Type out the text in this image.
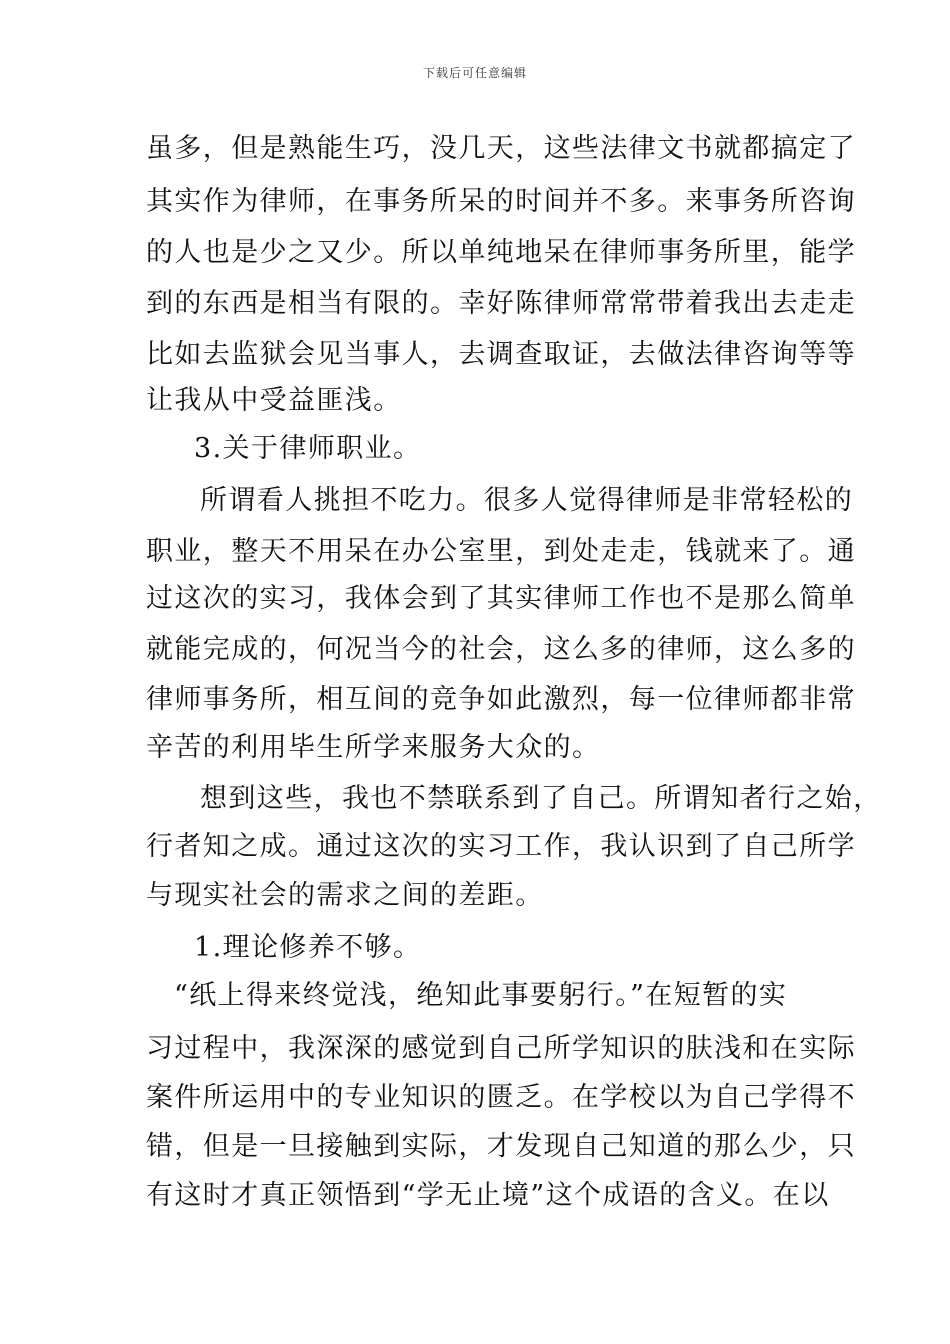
下载后可任意编辑
虽多，但是熟能生巧，没几天，这些法律文书就都搞定了
其实作为律师，在事务所呆的时间并不多。来事务所咨询
的人也是少之又少。所以单纯地呆在律师事务所里，能学
到的东西是相当有限的。幸好陈律师常常带着我出去走走
比如去监狱会见当事人，去调查取证，去做法律咨询等等
让我从中受益匪浅。
3.关于律师职业。
所谓看人挑担不吃力。很多人觉得律师是非常轻松的
职业，整天不用呆在办公室里，到处走走，钱就来了。通
过这次的实习，我体会到了其实律师工作也不是那么简单
就能完成的，何况当今的社会，这么多的律师，这么多的
律师事务所，相互间的竞争如此激烈，每一位律师都非常
辛苦的利用毕生所学来服务大众的。
想到这些，我也不禁联系到了自己。所谓知者行之始，
行者知之成。通过这次的实习工作，我认识到了自己所学
与现实社会的需求之间的差距。
1.理论修养不够。
“纸上得来终觉浅，绝知此事要躬行。”在短暂的实
习过程中，我深深的感觉到自己所学知识的肤浅和在实际
案件所运用中的专业知识的匮乏。在学校以为自己学得不
错，但是一旦接触到实际，才发现自己知道的那么少，只
有这时才真正领悟到“学无止境”这个成语的含义。在以
